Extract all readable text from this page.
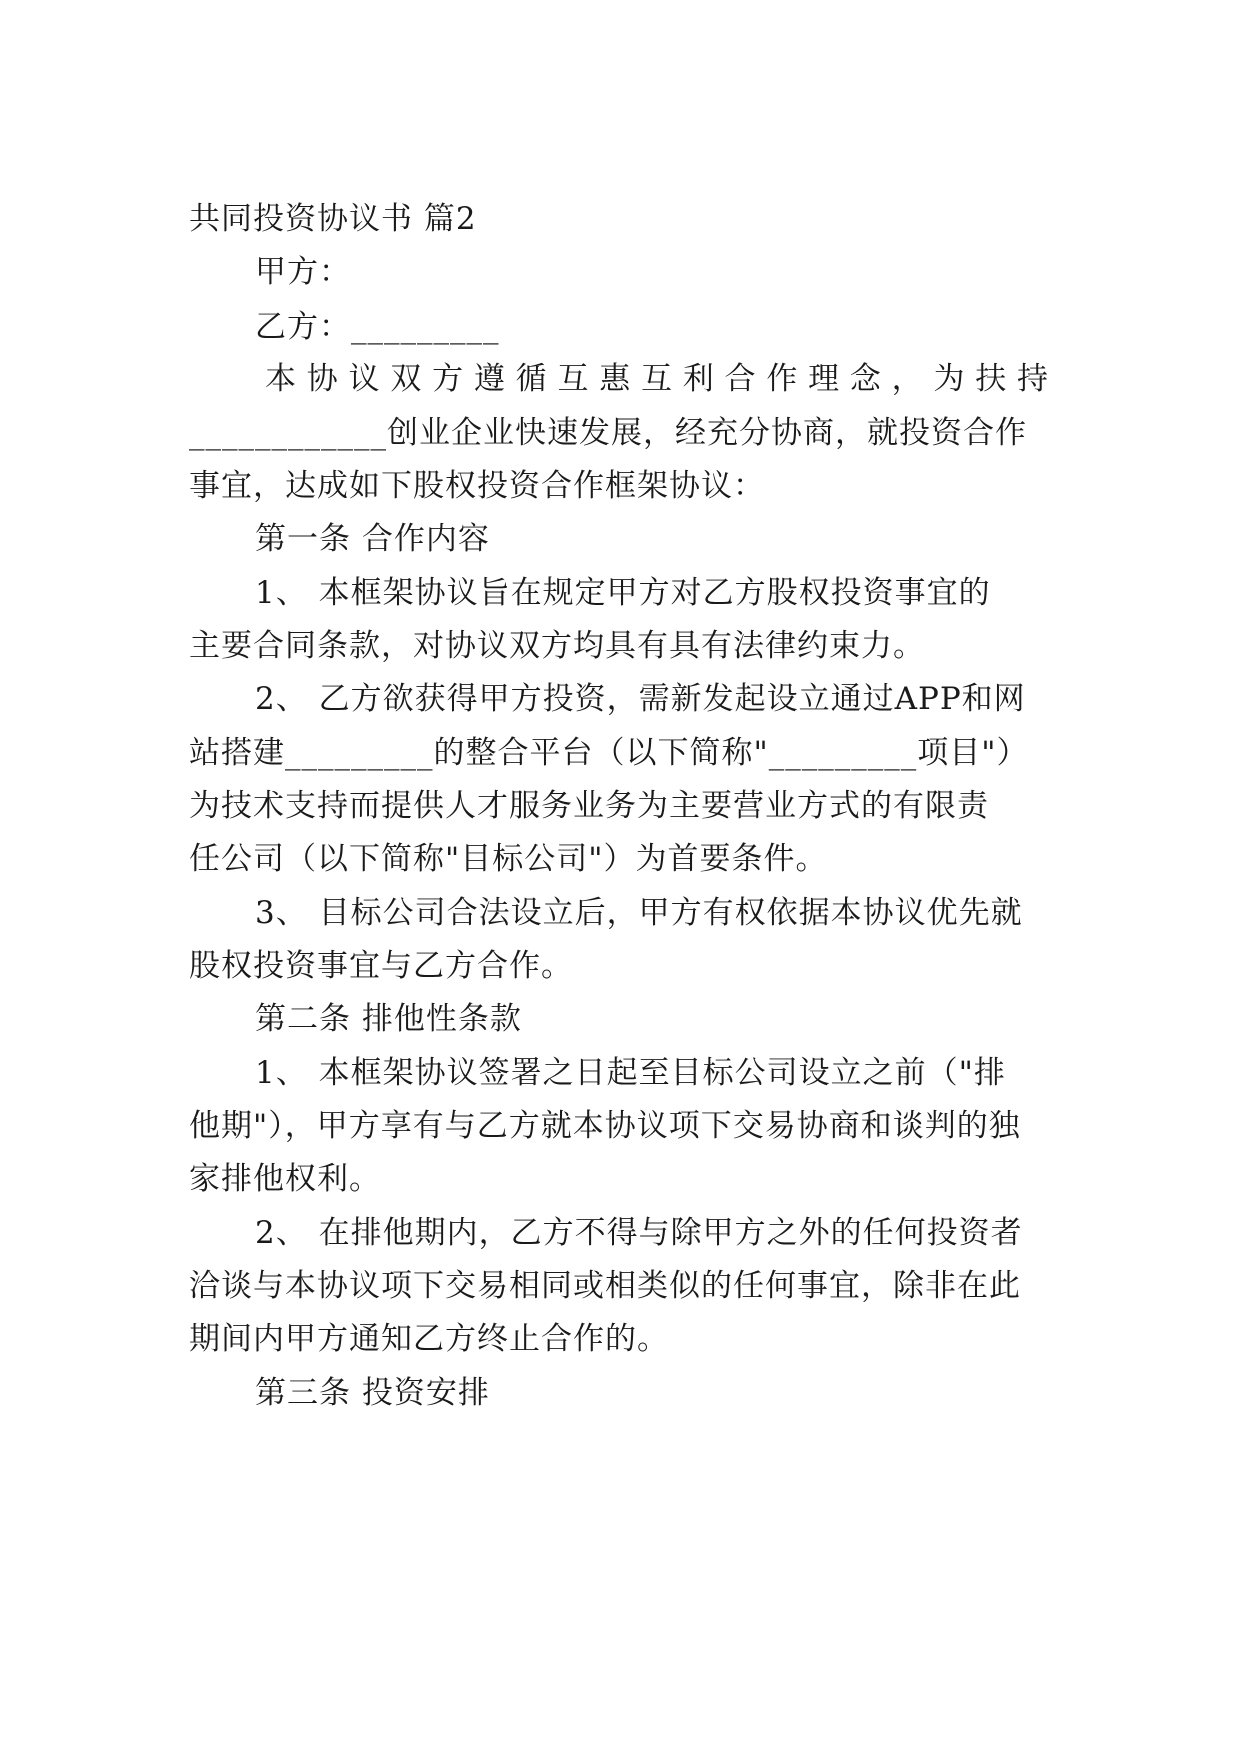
共同投资协议书 篇2
甲方：
乙方：_________
本协议双方遵循互惠互利合作理念，为扶持
____________创业企业快速发展，经充分协商，就投资合作
事宜，达成如下股权投资合作框架协议：
第一条 合作内容
1、 本框架协议旨在规定甲方对乙方股权投资事宜的
主要合同条款，对协议双方均具有具有法律约束力。
2、 乙方欲获得甲方投资，需新发起设立通过APP和网
站搭建_________的整合平台（以下简称"_________项目"）
为技术支持而提供人才服务业务为主要营业方式的有限责
任公司（以下简称"目标公司"）为首要条件。
3、 目标公司合法设立后，甲方有权依据本协议优先就
股权投资事宜与乙方合作。
第二条 排他性条款
1、 本框架协议签署之日起至目标公司设立之前（"排
他期"），甲方享有与乙方就本协议项下交易协商和谈判的独
家排他权利。
2、 在排他期内，乙方不得与除甲方之外的任何投资者
洽谈与本协议项下交易相同或相类似的任何事宜，除非在此
期间内甲方通知乙方终止合作的。
第三条 投资安排
